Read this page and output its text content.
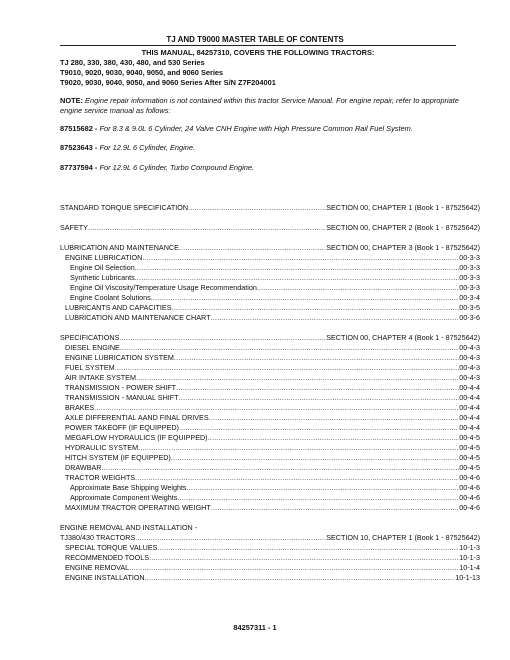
TJ AND T9000 MASTER TABLE OF CONTENTS
THIS MANUAL, 84257310, COVERS THE FOLLOWING TRACTORS:
TJ 280, 330, 380, 430, 480, and 530 Series
T9010, 9020, 9030, 9040, 9050, and 9060 Series
T9020, 9030, 9040, 9050, and 9060 Series After S/N Z7F204001
NOTE: Engine repair information is not contained within this tractor Service Manual. For engine repair, refer to appropriate engine service manual as follows:
87515682 - For 8.3 & 9.0L 6 Cylinder, 24 Valve CNH Engine with High Pressure Common Rail Fuel System.
87523643 - For 12.9L 6 Cylinder, Engine.
87737594 - For 12.9L 6 Cylinder, Turbo Compound Engine.
STANDARD TORQUE SPECIFICATION .....	SECTION 00, CHAPTER 1 (Book 1 - 87525642)
SAFETY .....	SECTION 00, CHAPTER 2 (Book 1 - 87525642)
LUBRICATION AND MAINTENANCE .....	SECTION 00, CHAPTER 3 (Book 1 - 87525642)
ENGINE LUBRICATION .....	00-3-3
Engine Oil Selection .....	00-3-3
Synthetic Lubricants .....	00-3-3
Engine Oil Viscosity/Temperature Usage Recommendation .....	00-3-3
Engine Coolant Solutions .....	00-3-4
LUBRICANTS AND CAPACITIES .....	00-3-5
LUBRICATION AND MAINTENANCE CHART .....	00-3-6
SPECIFICATIONS .....	SECTION 00, CHAPTER 4 (Book 1 - 87525642)
DIESEL ENGINE .....	00-4-3
ENGINE LUBRICATION SYSTEM .....	00-4-3
FUEL SYSTEM .....	00-4-3
AIR INTAKE SYSTEM .....	00-4-3
TRANSMISSION - POWER SHIFT .....	00-4-4
TRANSMISSION - MANUAL SHIFT .....	00-4-4
BRAKES .....	00-4-4
AXLE DIFFERENTIAL AAND FINAL DRIVES .....	00-4-4
POWER TAKEOFF (IF EQUIPPED) .....	00-4-4
MEGAFLOW HYDRAULICS (IF EQUIPPED) .....	00-4-5
HYDRAULIC SYSTEM .....	00-4-5
HITCH SYSTEM (IF EQUIPPED) .....	00-4-5
DRAWBAR .....	00-4-5
TRACTOR WEIGHTS .....	00-4-6
Approximate Base Shipping Weights .....	00-4-6
Approximate Component Weights .....	00-4-6
MAXIMUM TRACTOR OPERATING WEIGHT .....	00-4-6
ENGINE REMOVAL AND INSTALLATION -
TJ380/430 TRACTORS .....	SECTION 10, CHAPTER 1 (Book 1 - 87525642)
SPECIAL TORQUE VALUES .....	10-1-3
RECOMMENDED TOOLS .....	10-1-3
ENGINE REMOVAL .....	10-1-4
ENGINE INSTALLATION .....	10-1-13
84257311 - 1
